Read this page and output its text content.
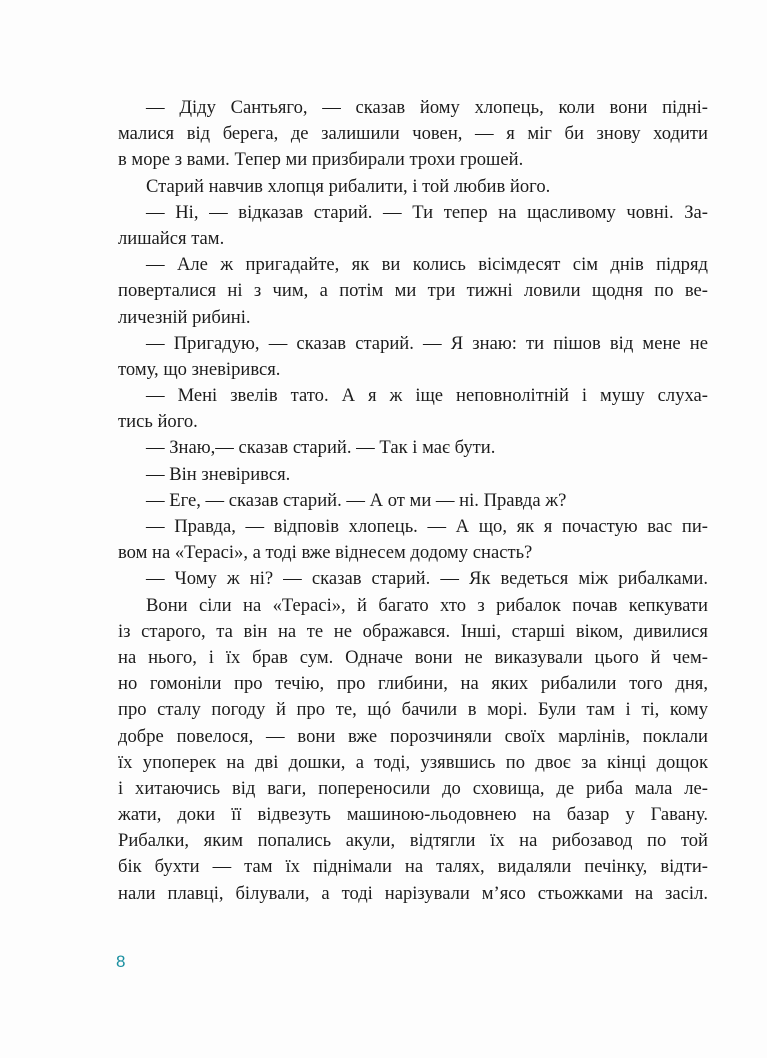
— Діду Сантьяго, — сказав йому хлопець, коли вони підні-
малися від берега, де залишили човен, — я міг би знову ходити
в море з вами. Тепер ми призбирали трохи грошей.
Старий навчив хлопця рибалити, і той любив його.
— Ні, — відказав старий. — Ти тепер на щасливому човні. За-
лишайся там.
— Але ж пригадайте, як ви колись вісімдесят сім днів підряд
поверталися ні з чим, а потім ми три тижні ловили щодня по ве-
личезній рибині.
— Пригадую, — сказав старий. — Я знаю: ти пішов від мене не
тому, що зневірився.
— Мені звелів тато. А я ж іще неповнолітній і мушу слуха-
тись його.
— Знаю,— сказав старий. — Так і має бути.
— Він зневірився.
— Еге, — сказав старий. — А от ми — ні. Правда ж?
— Правда, — відповів хлопець. — А що, як я почастую вас пи-
вом на «Терасі», а тоді вже віднесем додому снасть?
— Чому ж ні? — сказав старий. — Як ведеться між рибалками.
Вони сіли на «Терасі», й багато хто з рибалок почав кепкувати
із старого, та він на те не ображався. Інші, старші віком, дивилися
на нього, і їх брав сум. Одначе вони не виказували цього й чем-
но гомоніли про течію, про глибини, на яких рибалили того дня,
про сталу погоду й про те, щó бачили в морі. Були там і ті, кому
добре повелося, — вони вже порозчиняли своїх марлінів, поклали
їх упоперек на дві дошки, а тоді, узявшись по двоє за кінці дощок
і хитаючись від ваги, попереносили до сховища, де риба мала ле-
жати, доки її відвезуть машиною-льодовнею на базар у Гавану.
Рибалки, яким попались акули, відтягли їх на рибозавод по той
бік бухти — там їх піднімали на талях, видаляли печінку, відти-
нали плавці, білували, а тоді нарізували м’ясо стьожками на засіл.
8
